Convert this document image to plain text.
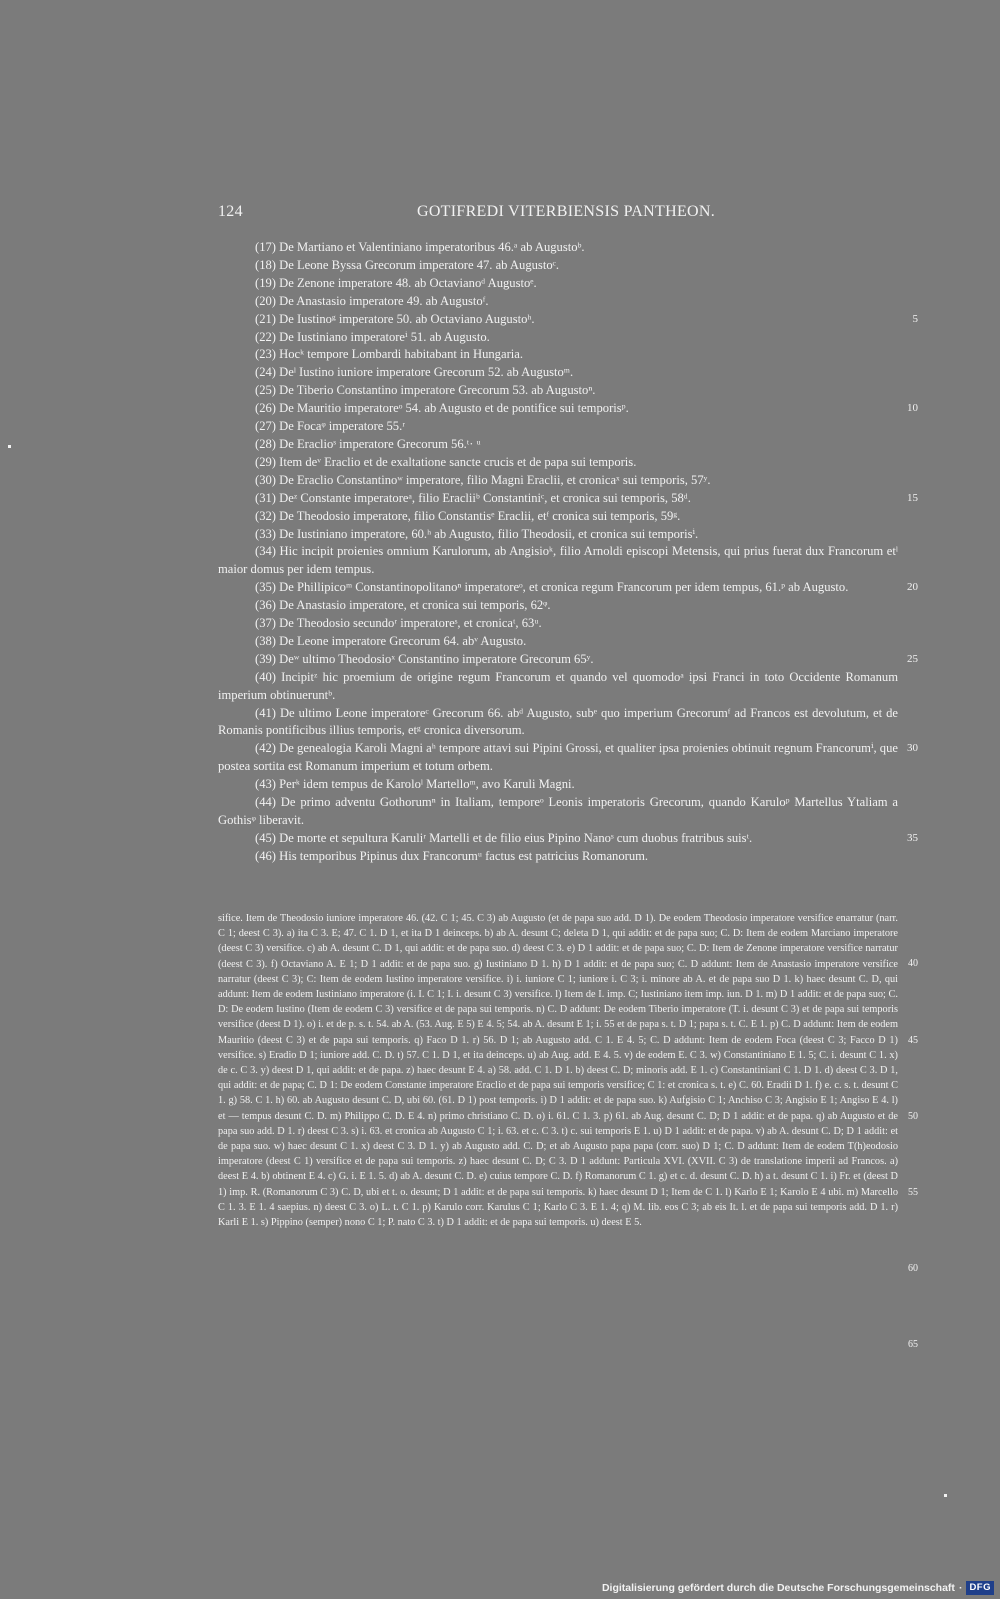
124	GOTIFREDI VITERBIENSIS PANTHEON.
(17) De Martiano et Valentiniano imperatoribus 46.ᵃ ab Augustoᵇ.
(18) De Leone Byssa Grecorum imperatore 47. ab Augustoᶜ.
(19) De Zenone imperatore 48. ab Octavianoᵈ Augustoᵉ.
(20) De Anastasio imperatore 49. ab Augustoᶠ.
(21) De Iustinoᵍ imperatore 50. ab Octaviano Augustoʰ.	5
(22) De Iustiniano imperatoreⁱ 51. ab Augusto.
(23) Hocᵏ tempore Lombardi habitabant in Hungaria.
(24) Deˡ Iustino iuniore imperatore Grecorum 52. ab Augustoᵐ.
(25) De Tiberio Constantino imperatore Grecorum 53. ab Augustoⁿ.
(26) De Mauritio imperatoreᵒ 54. ab Augusto et de pontifice sui temporisᵖ.	10
(27) De Focaᵠ imperatore 55.ʳ
(28) De Eraclioˢ imperatore Grecorum 56.ᵗ· ᵘ
(29) Item deᵛ Eraclio et de exaltatione sancte crucis et de papa sui temporis.
(30) De Eraclio Constantinoʷ imperatore, filio Magni Eraclii, et cronicaˣ sui temporis, 57ʸ.
(31) Deᶻ Constante imperatoreᵃ, filio Eracliiᵇ Constantiniᶜ, et cronica sui temporis, 58ᵈ.	15
(32) De Theodosio imperatore, filio Constantisᵉ Eraclii, etᶠ cronica sui temporis, 59ᵍ.
(33) De Iustiniano imperatore, 60.ʰ ab Augusto, filio Theodosii, et cronica sui temporisⁱ.
(34) Hic incipit proienies omnium Karulorum, ab Angisioᵏ, filio Arnoldi episcopi Metensis, qui prius fuerat dux Francorum etˡ maior domus per idem tempus.
(35) De Phillipicoᵐ Constantinopolitanoⁿ imperatoreᵒ, et cronica regum Francorum per idem tempus, 61.ᵖ ab Augusto.	20
(36) De Anastasio imperatore, et cronica sui temporis, 62ᵠ.
(37) De Theodosio secundoʳ imperatoreˢ, et cronicaᵗ, 63ᵘ.
(38) De Leone imperatore Grecorum 64. abᵛ Augusto.
(39) Deʷ ultimo Theodosioˣ Constantino imperatore Grecorum 65ʸ.	25
(40) Incipitᶻ hic proemium de origine regum Francorum et quando vel quomodoᵃ ipsi Franci in toto Occidente Romanum imperium obtinueruntᵇ.
(41) De ultimo Leone imperatoreᶜ Grecorum 66. abᵈ Augusto, subᵉ quo imperium Grecorumᶠ ad Francos est devolutum, et de Romanis pontificibus illius temporis, etᵍ cronica diversorum.
(42) De genealogia Karoli Magni aʰ tempore attavi sui Pipini Grossi, et qualiter ipsa proienies obtinuit regnum Francorumⁱ, que postea sortita est Romanum imperium et totum orbem.
30
(43) Perᵏ idem tempus de Karoloˡ Martelloᵐ, avo Karuli Magni.
(44) De primo adventu Gothorumⁿ in Italiam, temporeᵒ Leonis imperatoris Grecorum, quando Karuloᵖ Martellus Ytaliam a Gothisᵠ liberavit.
(45) De morte et sepultura Karuliʳ Martelli et de filio eius Pipino Nanoˢ cum duobus fratribus suisᵗ.	35
(46) His temporibus Pipinus dux Francorumᵘ factus est patricius Romanorum.
sifice. Item de Theodosio iuniore imperatore 46. (42. C 1; 45. C 3) ab Augusto (et de papa suo add. D 1). De eodem Theodosio imperatore versifice enarratur (narr. C 1; deest C 3). a) ita C 3. E; 47. C 1. D 1, et ita D 1 deinceps. b) ab A. desunt C; deleta D 1, qui addit: et de papa suo; C. D: Item de eodem Marciano imperatore (deest C 3) versifice. c) ab A. desunt C. D 1, qui addit: et de papa suo. d) deest C 3. e) D 1 addit: et de papa suo; C. D: Item de Zenone imperatore versifice narratur (deest C 3). f) Octaviano A. E 1; D 1 addit: et de papa suo. g) Iustiniano D 1. h) D 1 addit: et de papa suo; C. D addunt: Item de Anastasio imperatore versifice narratur (deest C 3); C: Item de eodem Iustino imperatore versifice. i) i. iuniore C 1; iuniore i. C 3; i. minore ab A. et de papa suo D 1. k) haec desunt C. D, qui addunt: Item de eodem Iustiniano imperatore (i. I. C 1; I. i. desunt C 3) versifice. l) Item de I. imp. C; Iustiniano item imp. iun. D 1. m) D 1 addit: et de papa suo; C. D: De eodem Iustino (Item de eodem C 3) versifice et de papa sui temporis. n) C. D addunt: De eodem Tiberio imperatore (T. i. desunt C 3) et de papa sui temporis versifice (deest D 1). o) i. et de p. s. t. 54. ab A. (53. Aug. E 5) E 4. 5; 54. ab A. desunt E 1; i. 55 et de papa s. t. D 1; papa s. t. C. E 1. p) C. D addunt: Item de eodem Mauritio (deest C 3) et de papa sui temporis. q) Faco D 1. r) 56. D 1; ab Augusto add. C 1. E 4. 5; C. D addunt: Item de eodem Foca (deest C 3; Facco D 1) versifice. s) Eradio D 1; iuniore add. C. D. t) 57. C 1. D 1, et ita deinceps. u) ab Aug. add. E 4. 5. v) de eodem E. C 3. w) Constantiniano E 1. 5; C. i. desunt C 1. x) de c. C 3. y) deest D 1, qui addit: et de papa. z) haec desunt E 4. a) 58. add. C 1. D 1. b) deest C. D; minoris add. E 1. c) Constantiniani C 1. D 1. d) deest C 3. D 1, qui addit: et de papa; C. D 1: De eodem Constante imperatore Eraclio et de papa sui temporis versifice; C 1: et cronica s. t. e) C. 60. Eradii D 1. f) e. c. s. t. desunt C 1. g) 58. C 1. h) 60. ab Augusto desunt C. D, ubi 60. (61. D 1) post temporis. i) D 1 addit: et de papa suo. k) Aufgisio C 1; Anchiso C 3; Angisio E 1; Angiso E 4. l) et — tempus desunt C. D. m) Philippo C. D. E 4. n) primo christiano C. D. o) i. 61. C 1. 3. p) 61. ab Aug. desunt C. D; D 1 addit: et de papa. q) ab Augusto et de papa suo add. D 1. r) deest C 3. s) i. 63. et cronica ab Augusto C 1; i. 63. et c. C 3. t) c. sui temporis E 1. u) D 1 addit: et de papa. v) ab A. desunt C. D; D 1 addit: et de papa suo. w) haec desunt C 1. x) deest C 3. D 1. y) ab Augusto add. C. D; et ab Augusto papa papa (corr. suo) D 1; C. D addunt: Item de eodem T(h)eodosio imperatore (deest C 1) versifice et de papa sui temporis. z) haec desunt C. D; C 3. D 1 addunt: Particula XVI. (XVII. C 3) de translatione imperii ad Francos. a) deest E 4. b) obtinent E 4. c) G. i. E 1. 5. d) ab A. desunt C. D. e) cuius tempore C. D. f) Romanorum C 1. g) et c. d. desunt C. D. h) a t. desunt C 1. i) Fr. et (deest D 1) imp. R. (Romanorum C 3) C. D, ubi et t. o. desunt; D 1 addit: et de papa sui temporis. k) haec desunt D 1; Item de C 1. l) Karlo E 1; Karolo E 4 ubi. m) Marcello C 1. 3. E 1. 4 saepius. n) deest C 3. o) L. t. C 1. p) Karulo corr. Karulus C 1; Karlo C 3. E 1. 4; q) M. lib. eos C 3; ab eis It. l. et de papa sui temporis add. D 1. r) Karli E 1. s) Pippino (semper) nono C 1; P. nato C 3. t) D 1 addit: et de papa sui temporis. u) deest E 5.
40
45
50
55
60
65
Digitalisierung gefördert durch die Deutsche Forschungsgemeinschaft · DFG
